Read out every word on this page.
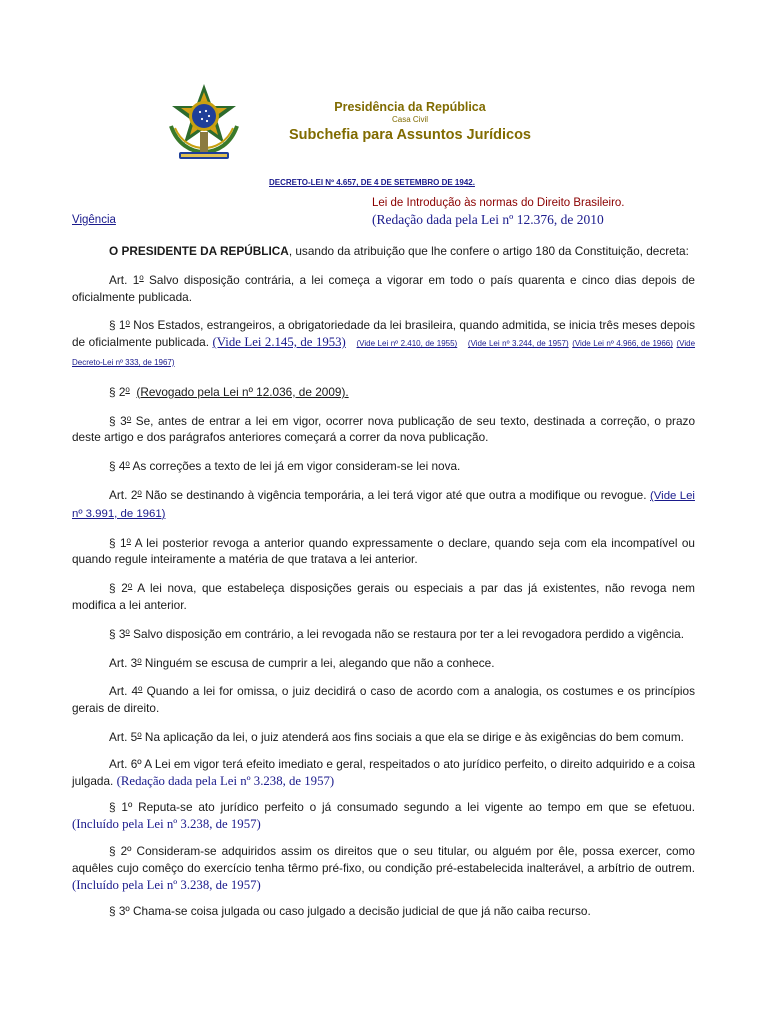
Presidência da República
Casa Civil
Subchefia para Assuntos Jurídicos
DECRETO-LEI Nº 4.657, DE 4 DE SETEMBRO DE 1942.
Lei de Introdução às normas do Direito Brasileiro.
Vigência	(Redação dada pela Lei nº 12.376, de 2010

O PRESIDENTE DA REPÚBLICA, usando da atribuição que lhe confere o artigo 180 da Constituição, decreta:

Art. 1$^o$ Salvo disposição contrária, a lei começa a vigorar em todo o país quarenta e cinco dias depois de oficialmente publicada.

§ 1$^o$ Nos Estados, estrangeiros, a obrigatoriedade da lei brasileira, quando admitida, se inicia três meses depois de oficialmente publicada. (Vide Lei 2.145, de 1953) (Vide Lei nº 2.410, de 1955) (Vide Lei nº 3.244, de 1957) (Vide Lei nº 4.966, de 1966) (Vide Decreto-Lei nº 333, de 1967)

§ 2$^o$ (Revogado pela Lei nº 12.036, de 2009).

§ 3$^o$ Se, antes de entrar a lei em vigor, ocorrer nova publicação de seu texto, destinada a correção, o prazo deste artigo e dos parágrafos anteriores começará a correr da nova publicação.

§ 4$^o$ As correções a texto de lei já em vigor consideram-se lei nova.

Art. 2$^o$ Não se destinando à vigência temporária, a lei terá vigor até que outra a modifique ou revogue. (Vide Lei nº 3.991, de 1961)

§ 1$^o$ A lei posterior revoga a anterior quando expressamente o declare, quando seja com ela incompatível ou quando regule inteiramente a matéria de que tratava a lei anterior.

§ 2$^o$ A lei nova, que estabeleça disposições gerais ou especiais a par das já existentes, não revoga nem modifica a lei anterior.

§ 3$^o$ Salvo disposição em contrário, a lei revogada não se restaura por ter a lei revogadora perdido a vigência.

Art. 3$^o$ Ninguém se escusa de cumprir a lei, alegando que não a conhece.

Art. 4$^o$ Quando a lei for omissa, o juiz decidirá o caso de acordo com a analogia, os costumes e os princípios gerais de direito.

Art. 5$^o$ Na aplicação da lei, o juiz atenderá aos fins sociais a que ela se dirige e às exigências do bem comum.

Art. 6º A Lei em vigor terá efeito imediato e geral, respeitados o ato jurídico perfeito, o direito adquirido e a coisa julgada. (Redação dada pela Lei nº 3.238, de 1957)

§ 1º Reputa-se ato jurídico perfeito o já consumado segundo a lei vigente ao tempo em que se efetuou. (Incluído pela Lei nº 3.238, de 1957)

§ 2º Consideram-se adquiridos assim os direitos que o seu titular, ou alguém por êle, possa exercer, como aquêles cujo comêço do exercício tenha têrmo pré-fixo, ou condição pré-estabelecida inalterável, a arbítrio de outrem. (Incluído pela Lei nº 3.238, de 1957)

§ 3º Chama-se coisa julgada ou caso julgado a decisão judicial de que já não caiba recurso.
